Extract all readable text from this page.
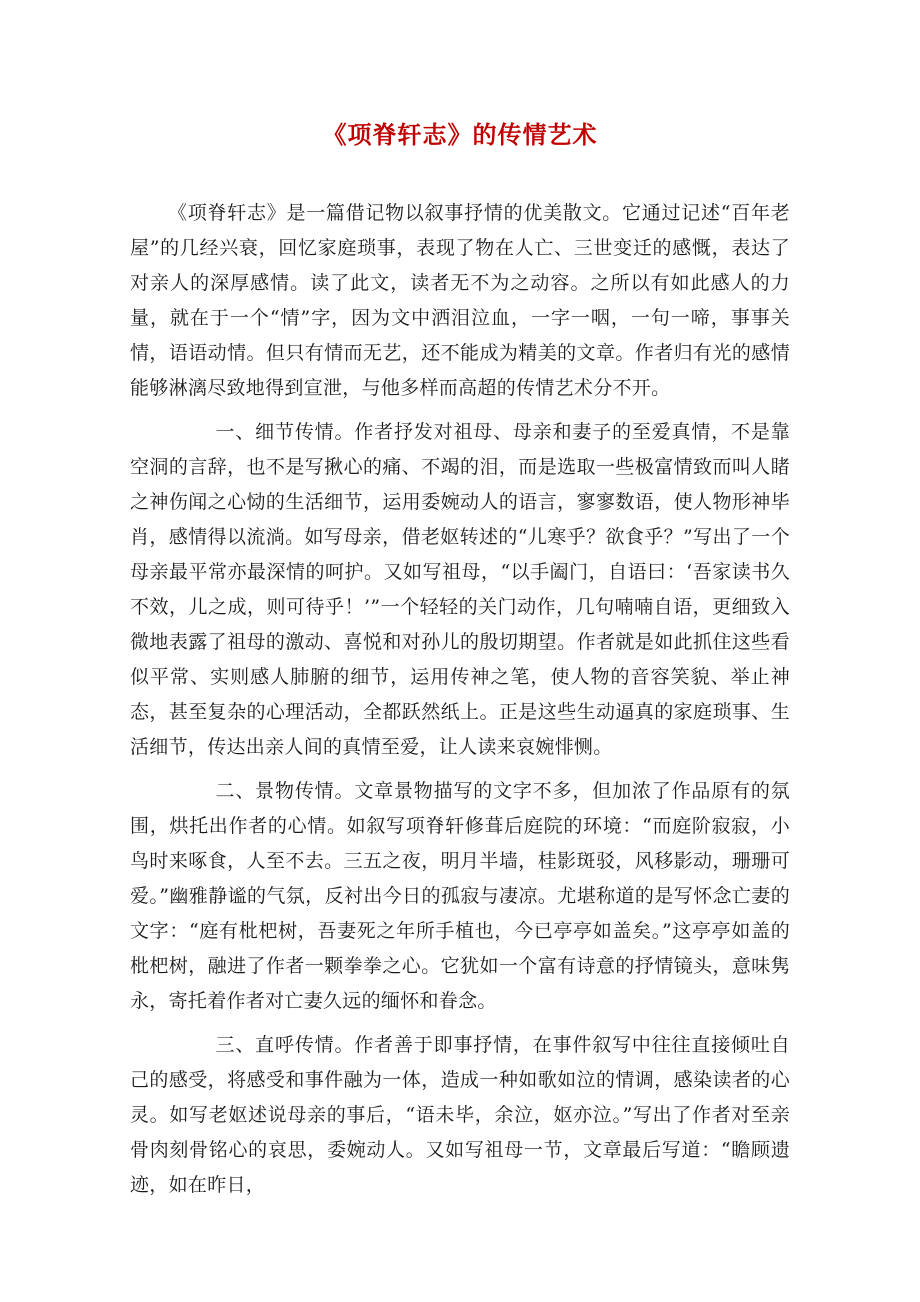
《项脊轩志》的传情艺术

《项脊轩志》是一篇借记物以叙事抒情的优美散文。它通过记述“百年老屋”的几经兴衰，回忆家庭琐事，表现了物在人亡、三世变迁的感慨，表达了对亲人的深厚感情。读了此文，读者无不为之动容。之所以有如此感人的力量，就在于一个“情”字，因为文中洒泪泣血，一字一咽，一句一啼，事事关情，语语动情。但只有情而无艺，还不能成为精美的文章。作者归有光的感情能够淋漓尽致地得到宣泄，与他多样而高超的传情艺术分不开。

一、细节传情。作者抒发对祖母、母亲和妻子的至爱真情，不是靠空洞的言辞，也不是写揪心的痛、不竭的泪，而是选取一些极富情致而叫人睹之神伤闻之心恸的生活细节，运用委婉动人的语言，寥寥数语，使人物形神毕肖，感情得以流淌。如写母亲，借老妪转述的“儿寒乎？欲食乎？”写出了一个母亲最平常亦最深情的呵护。又如写祖母，“以手阖门，自语曰：‘吾家读书久不效，儿之成，则可待乎！’”一个轻轻的关门动作，几句喃喃自语，更细致入微地表露了祖母的激动、喜悦和对孙儿的殷切期望。作者就是如此抓住这些看似平常、实则感人肺腑的细节，运用传神之笔，使人物的音容笑貌、举止神态，甚至复杂的心理活动，全都跃然纸上。正是这些生动逼真的家庭琐事、生活细节，传达出亲人间的真情至爱，让人读来哀婉悱恻。

二、景物传情。文章景物描写的文字不多，但加浓了作品原有的氛围，烘托出作者的心情。如叙写项脊轩修葺后庭院的环境：“而庭阶寂寂，小鸟时来啄食，人至不去。三五之夜，明月半墙，桂影斑驳，风移影动，珊珊可爱。”幽雅静谧的气氛，反衬出今日的孤寂与凄凉。尤堪称道的是写怀念亡妻的文字：“庭有枇杷树，吾妻死之年所手植也，今已亭亭如盖矣。”这亭亭如盖的枇杷树，融进了作者一颗拳拳之心。它犹如一个富有诗意的抒情镜头，意味隽永，寄托着作者对亡妻久远的缅怀和眷念。

三、直呼传情。作者善于即事抒情，在事件叙写中往往直接倾吐自己的感受，将感受和事件融为一体，造成一种如歌如泣的情调，感染读者的心灵。如写老妪述说母亲的事后，“语未毕，余泣，妪亦泣。”写出了作者对至亲骨肉刻骨铭心的哀思，委婉动人。又如写祖母一节，文章最后写道：“瞻顾遗迹，如在昨日，
